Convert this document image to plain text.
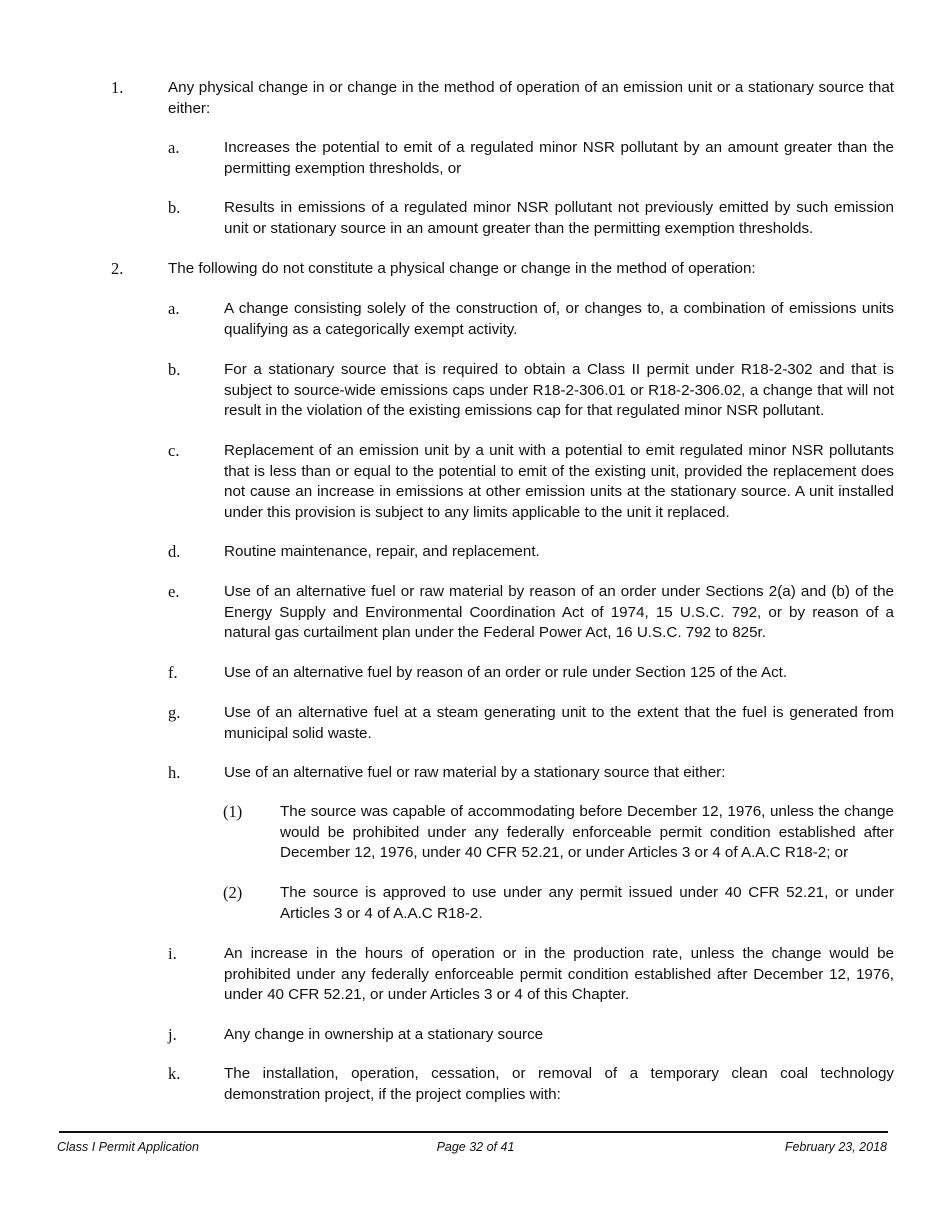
1.	Any physical change in or change in the method of operation of an emission unit or a stationary source that either:
a.	Increases the potential to emit of a regulated minor NSR pollutant by an amount greater than the permitting exemption thresholds, or
b.	Results in emissions of a regulated minor NSR pollutant not previously emitted by such emission unit or stationary source in an amount greater than the permitting exemption thresholds.
2.	The following do not constitute a physical change or change in the method of operation:
a.	A change consisting solely of the construction of, or changes to, a combination of emissions units qualifying as a categorically exempt activity.
b.	For a stationary source that is required to obtain a Class II permit under R18-2-302 and that is subject to source-wide emissions caps under R18-2-306.01 or R18-2-306.02, a change that will not result in the violation of the existing emissions cap for that regulated minor NSR pollutant.
c.	Replacement of an emission unit by a unit with a potential to emit regulated minor NSR pollutants that is less than or equal to the potential to emit of the existing unit, provided the replacement does not cause an increase in emissions at other emission units at the stationary source. A unit installed under this provision is subject to any limits applicable to the unit it replaced.
d.	Routine maintenance, repair, and replacement.
e.	Use of an alternative fuel or raw material by reason of an order under Sections 2(a) and (b) of the Energy Supply and Environmental Coordination Act of 1974, 15 U.S.C. 792, or by reason of a natural gas curtailment plan under the Federal Power Act, 16 U.S.C. 792 to 825r.
f.	Use of an alternative fuel by reason of an order or rule under Section 125 of the Act.
g.	Use of an alternative fuel at a steam generating unit to the extent that the fuel is generated from municipal solid waste.
h.	Use of an alternative fuel or raw material by a stationary source that either:
(1) The source was capable of accommodating before December 12, 1976, unless the change would be prohibited under any federally enforceable permit condition established after December 12, 1976, under 40 CFR 52.21, or under Articles 3 or 4 of A.A.C R18-2; or
(2) The source is approved to use under any permit issued under 40 CFR 52.21, or under Articles 3 or 4 of A.A.C R18-2.
i.	An increase in the hours of operation or in the production rate, unless the change would be prohibited under any federally enforceable permit condition established after December 12, 1976, under 40 CFR 52.21, or under Articles 3 or 4 of this Chapter.
j.	Any change in ownership at a stationary source
k.	The installation, operation, cessation, or removal of a temporary clean coal technology demonstration project, if the project complies with:
Class I Permit Application	Page 32 of 41	February 23, 2018
